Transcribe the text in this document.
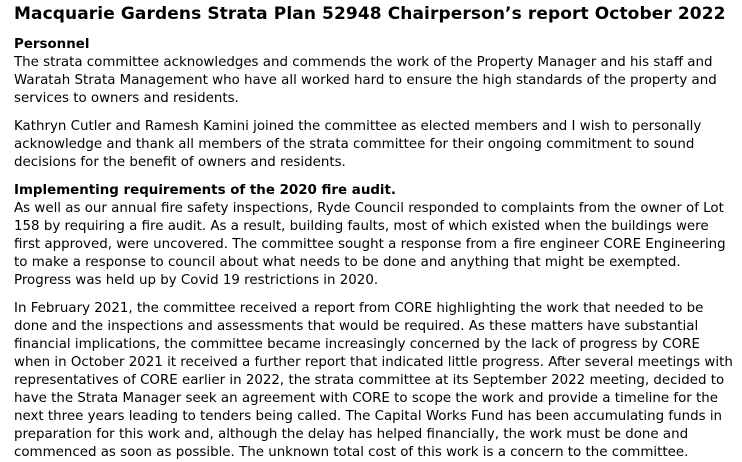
Macquarie Gardens Strata Plan 52948 Chairperson’s report October 2022
Personnel

The strata committee acknowledges and commends the work of the Property Manager and his staff and Waratah Strata Management who have all worked hard to ensure the high standards of the property and services to owners and residents.

Kathryn Cutler and Ramesh Kamini joined the committee as elected members and I wish to personally acknowledge and thank all members of the strata committee for their ongoing commitment to sound decisions for the benefit of owners and residents.

Implementing requirements of the 2020 fire audit.

As well as our annual fire safety inspections, Ryde Council responded to complaints from the owner of Lot 158 by requiring a fire audit. As a result, building faults, most of which existed when the buildings were first approved, were uncovered. The committee sought a response from a fire engineer CORE Engineering to make a response to council about what needs to be done and anything that might be exempted. Progress was held up by Covid 19 restrictions in 2020.

In February 2021, the committee received a report from CORE highlighting the work that needed to be done and the inspections and assessments that would be required. As these matters have substantial financial implications, the committee became increasingly concerned by the lack of progress by CORE when in October 2021 it received a further report that indicated little progress. After several meetings with representatives of CORE earlier in 2022, the strata committee at its September 2022 meeting, decided to have the Strata Manager seek an agreement with CORE to scope the work and provide a timeline for the next three years leading to tenders being called. The Capital Works Fund has been accumulating funds in preparation for this work and, although the delay has helped financially, the work must be done and commenced as soon as possible. The unknown total cost of this work is a concern to the committee.
